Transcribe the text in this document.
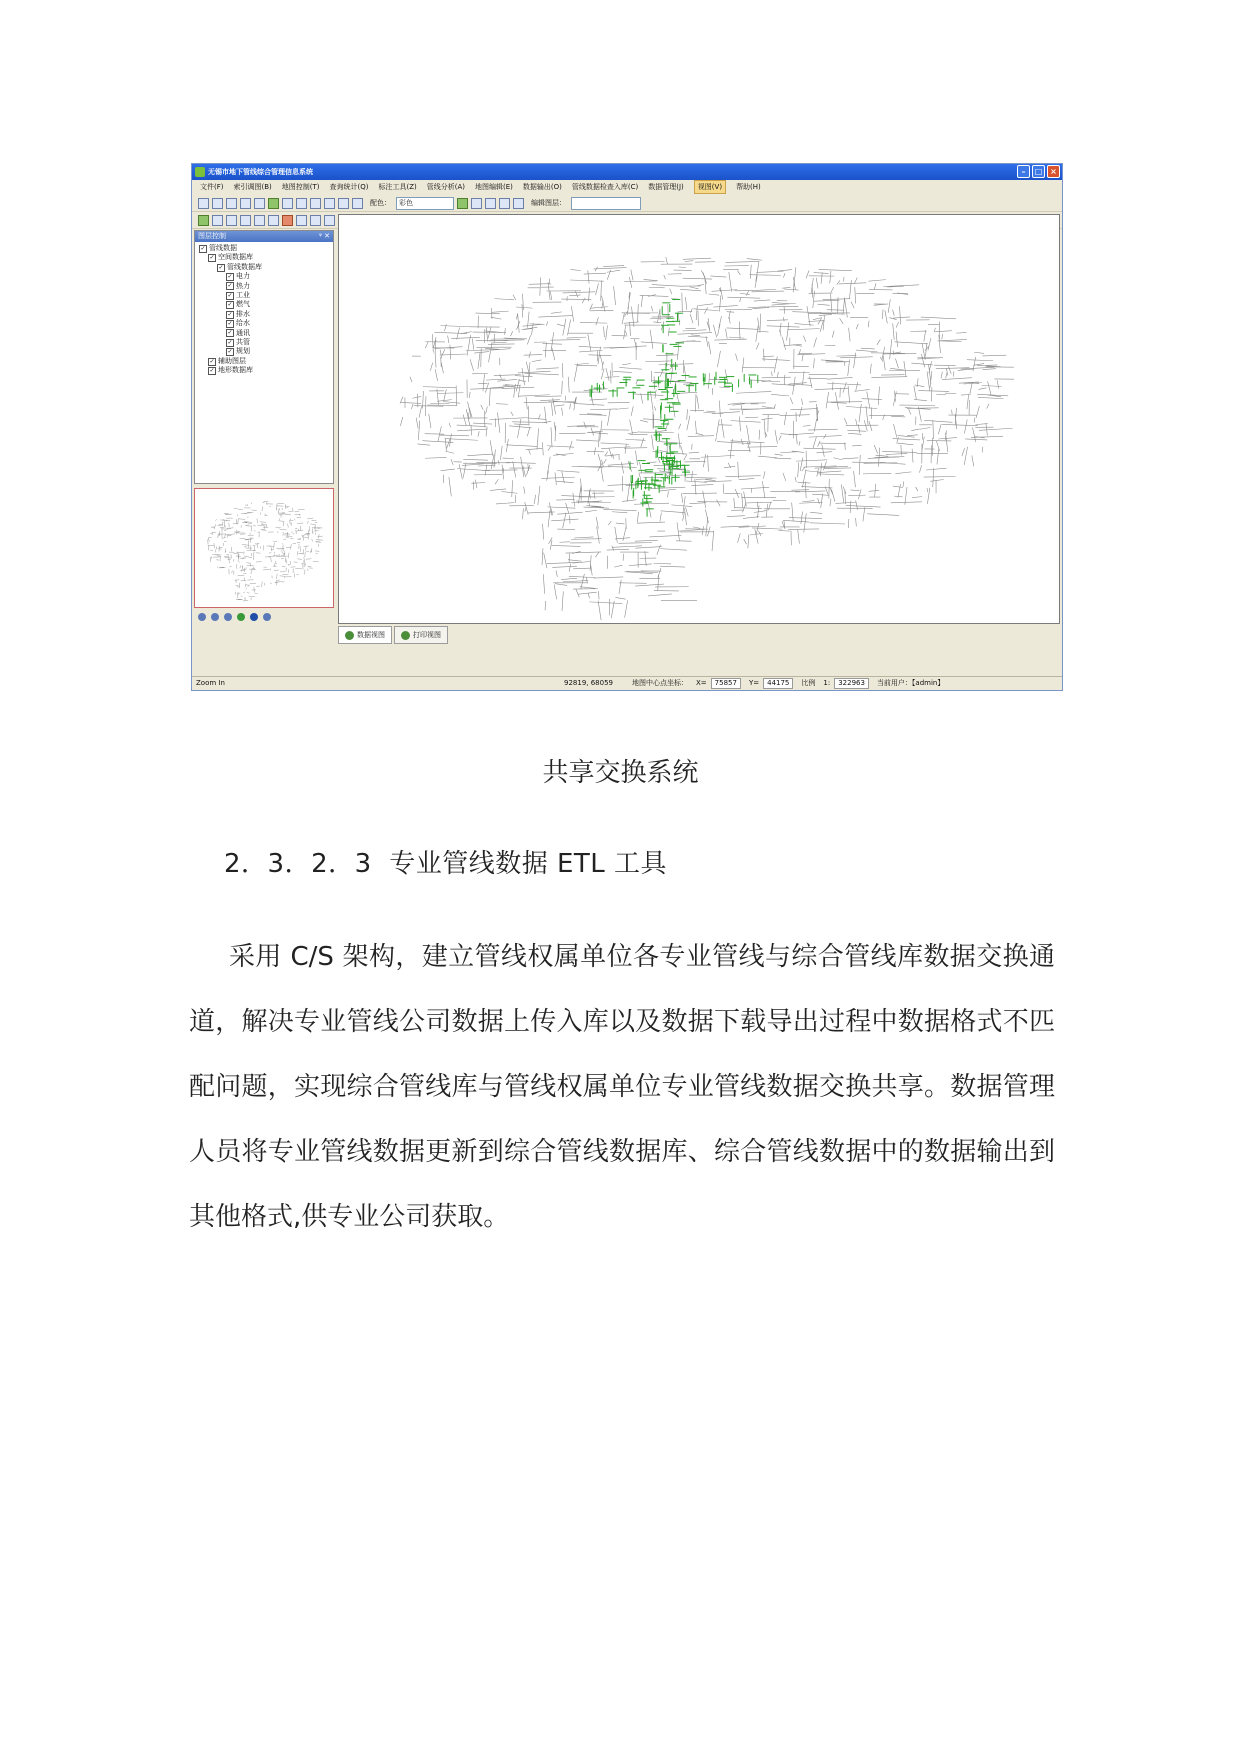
无锡市地下管线综合管理信息系统	–	□ ×
文件(F) 索引调图(B) 地图控制(T) 查询统计(Q) 标注工具(Z) 管线分析(A) 地图编辑(E) 数据输出(O) 管线数据检查入库(C) 数据管理(J)	视图(V)	帮助(H)
配色：	彩色	编辑图层：
图层控制	ᵠ ✕
✓ 管线数据
✓ 空间数据库
✓ 管线数据库
✓ 电力
✓ 热力
✓ 工业
✓ 燃气
✓ 排水
✓ 给水
✓ 通讯
✓ 共管
✓ 规划
✓ 辅助图层
✓ 地形数据库
数据视图	打印视图
Zoom In	92819, 68059	地图中心点坐标：	X=	75857	Y=	44175	比例	1:	322963	当前用户：【admin】
共享交换系统
2．3．2．3  专业管线数据 ETL 工具
采用 C/S 架构，建立管线权属单位各专业管线与综合管线库数据交换通道，解决专业管线公司数据上传入库以及数据下载导出过程中数据格式不匹配问题，实现综合管线库与管线权属单位专业管线数据交换共享。数据管理人员将专业管线数据更新到综合管线数据库、综合管线数据中的数据输出到其他格式,供专业公司获取。
